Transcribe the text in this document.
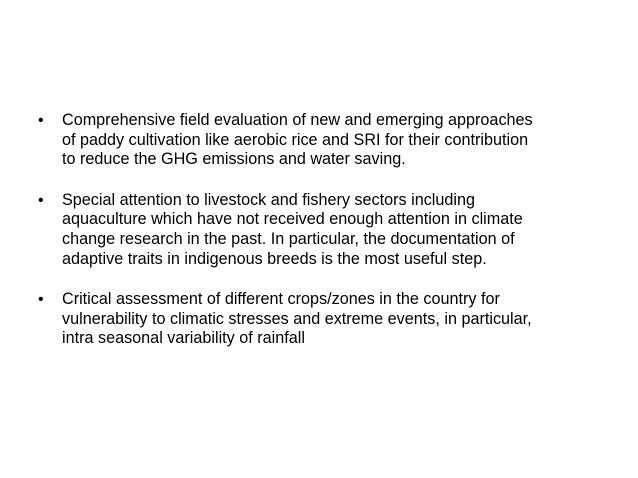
•	Comprehensive field evaluation of new and emerging approaches
of paddy cultivation like aerobic rice and SRI for their contribution
to reduce the GHG emissions and water saving.
•	Special attention to livestock and fishery sectors including
aquaculture which have not received enough attention in climate
change research in the past. In particular, the documentation of
adaptive traits in indigenous breeds is the most useful step.
•	Critical assessment of different crops/zones in the country for
vulnerability to climatic stresses and extreme events, in particular,
intra seasonal variability of rainfall
